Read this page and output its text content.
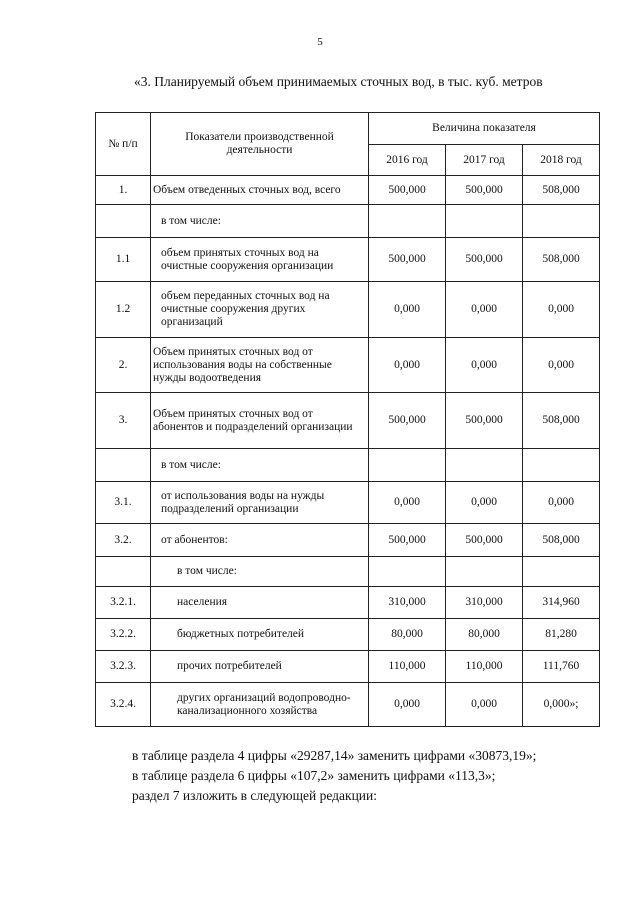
5
«3. Планируемый объем принимаемых сточных вод, в тыс. куб. метров
№ п/п	Показатели производственной деятельности	Величина показателя		
		2016 год	2017 год	2018 год
1.	Объем отведенных сточных вод, всего	500,000	500,000	508,000
	в том числе:			
1.1	объем принятых сточных вод на очистные сооружения организации	500,000	500,000	508,000
1.2	объем переданных сточных вод на очистные сооружения других организаций	0,000	0,000	0,000
2.	Объем принятых сточных вод от использования воды на собственные нужды водоотведения	0,000	0,000	0,000
3.	Объем принятых сточных вод от абонентов и подразделений организации	500,000	500,000	508,000
	в том числе:			
3.1.	от использования воды на нужды подразделений организации	0,000	0,000	0,000
3.2.	от абонентов:	500,000	500,000	508,000
	в том числе:			
3.2.1.	населения	310,000	310,000	314,960
3.2.2.	бюджетных потребителей	80,000	80,000	81,280
3.2.3.	прочих потребителей	110,000	110,000	111,760
3.2.4.	других организаций водопроводно-канализационного хозяйства	0,000	0,000	0,000»;
в таблице раздела 4 цифры «29287,14» заменить цифрами «30873,19»;
в таблице раздела 6 цифры «107,2» заменить цифрами «113,3»;
раздел 7 изложить в следующей редакции:
